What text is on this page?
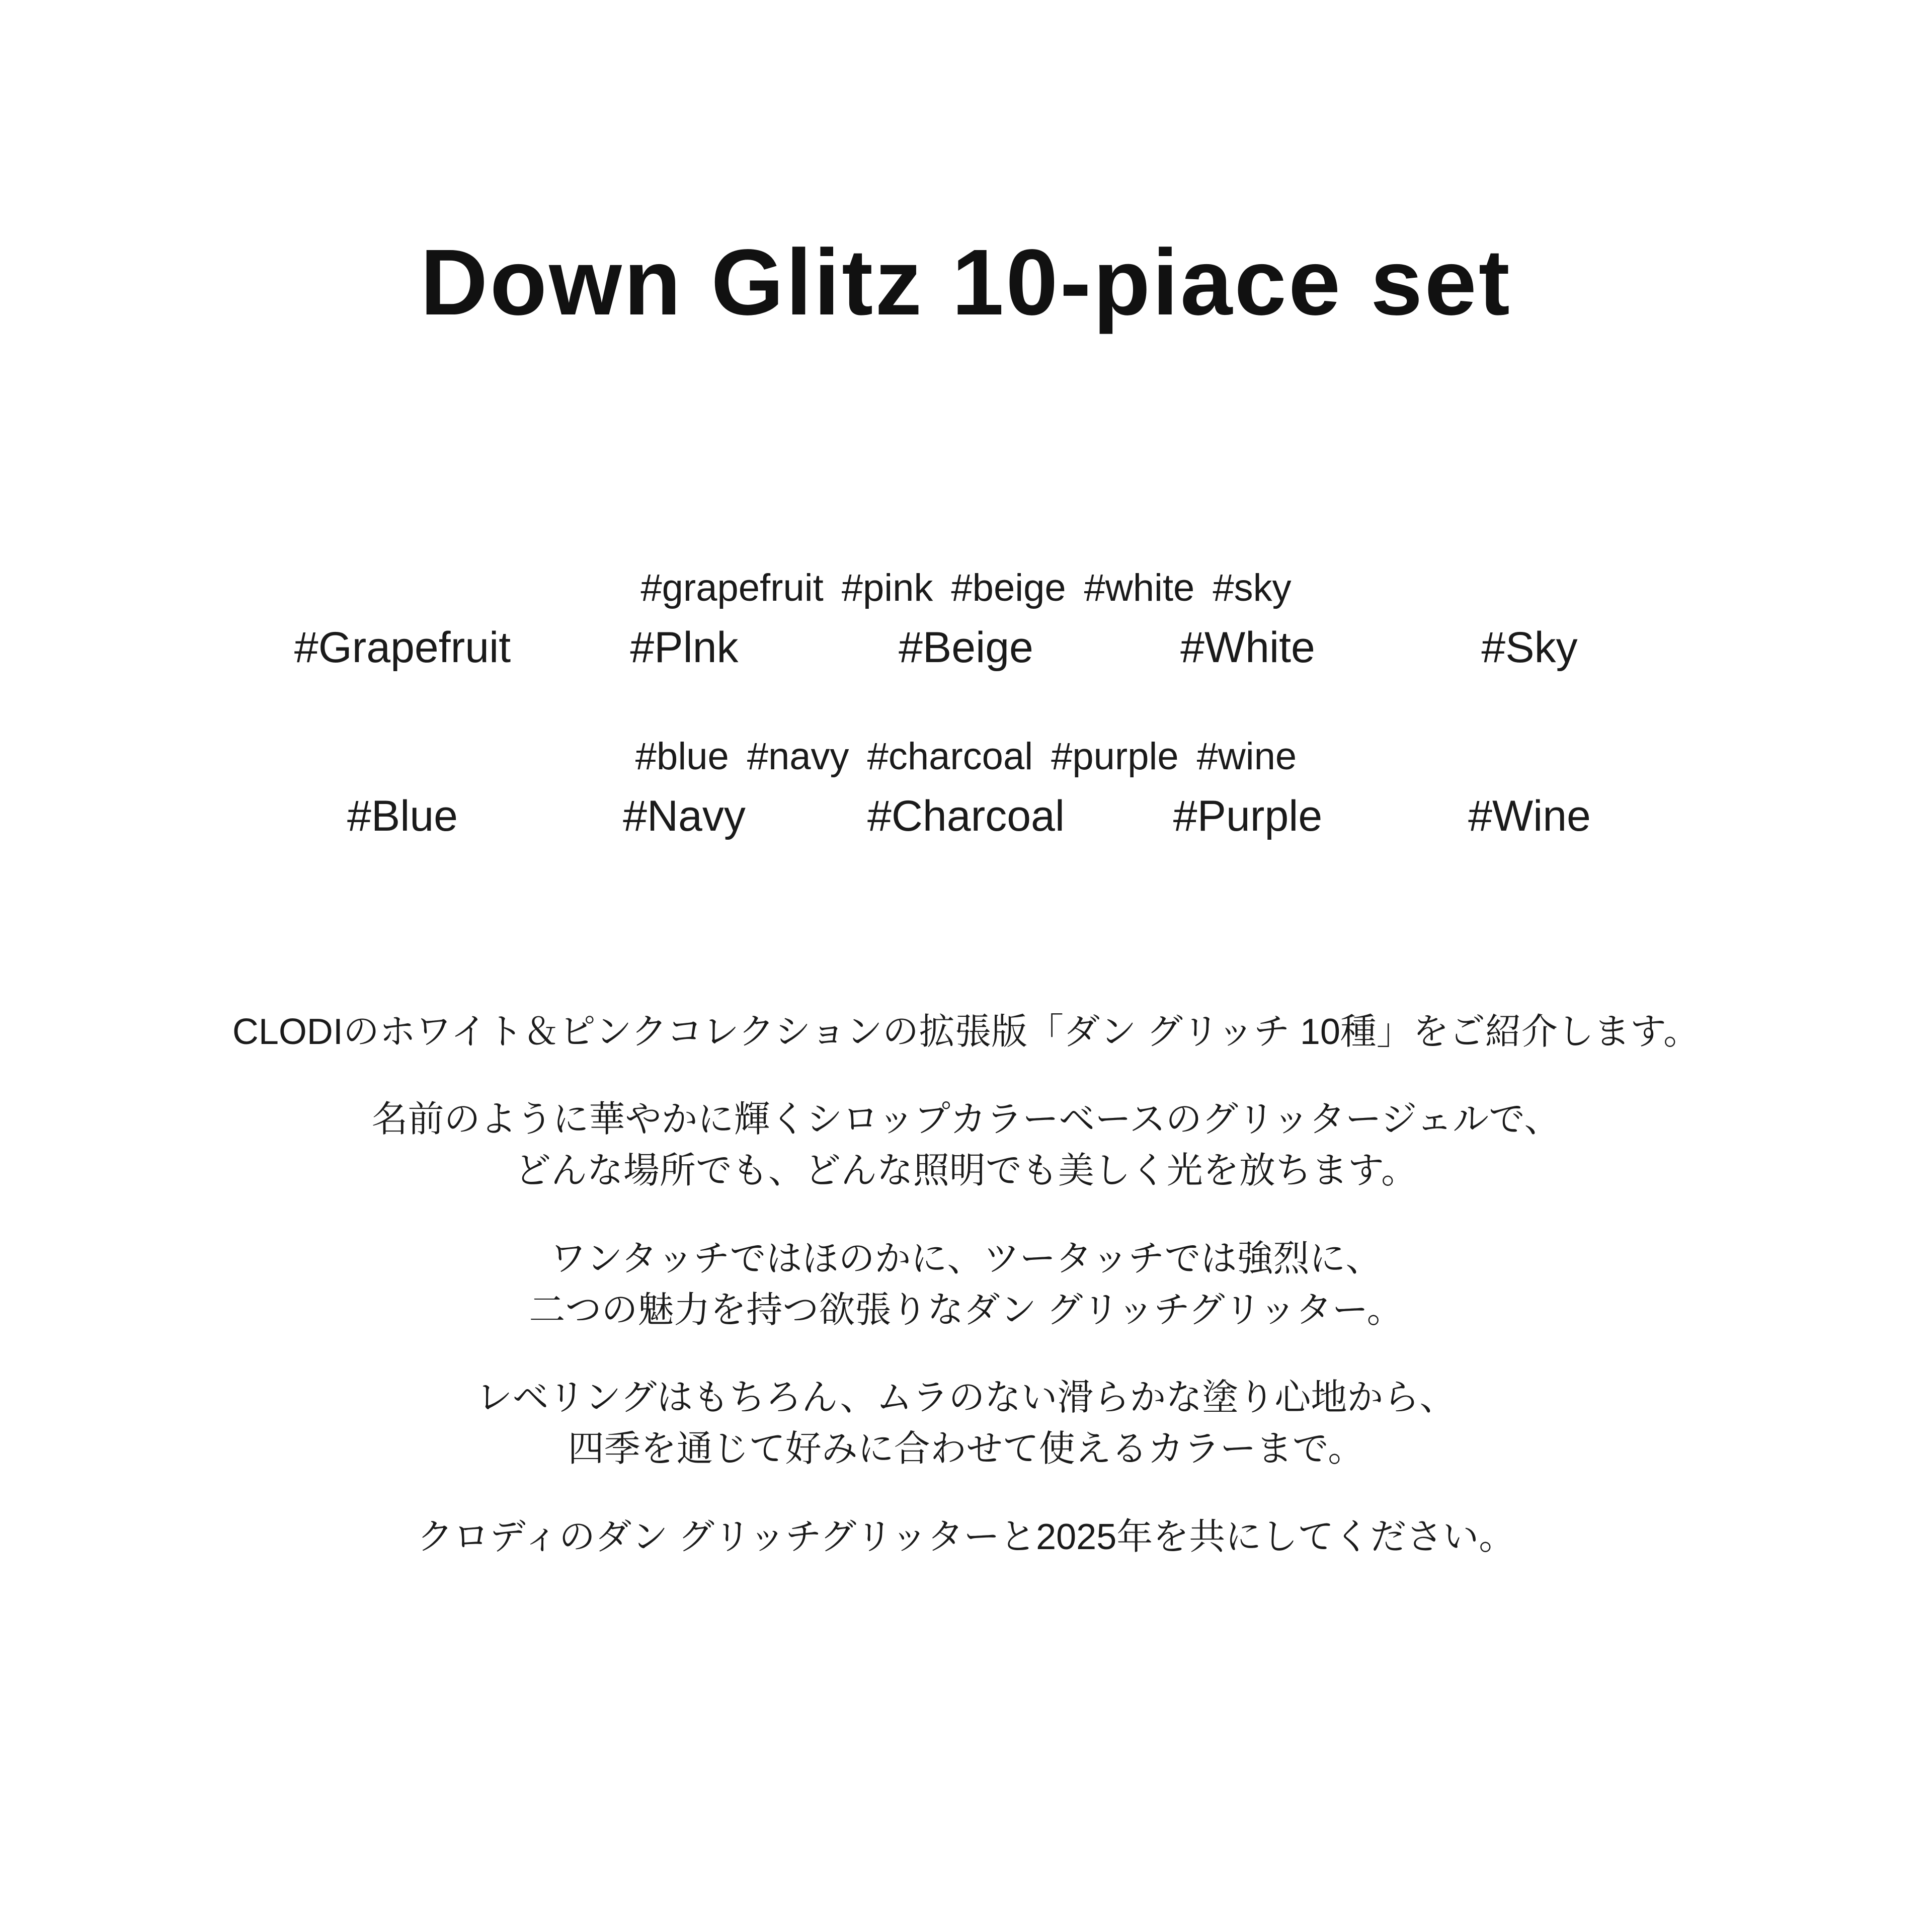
Down Glitz 10-piace set
#grapefruit #pink #beige #white #sky
#Grapefruit	#Plnk	#Beige	#White	#Sky
#blue #navy #charcoal #purple #wine
#Blue	#Navy	#Charcoal	#Purple	#Wine
CLODIのホワイト＆ピンクコレクションの拡張版「ダン グリッチ 10種」をご紹介します。
名前のように華やかに輝くシロップカラーベースのグリッタージェルで、
どんな場所でも、どんな照明でも美しく光を放ちます。
ワンタッチではほのかに、ツータッチでは強烈に、
二つの魅力を持つ欲張りなダン グリッチグリッター。
レベリングはもちろん、ムラのない滑らかな塗り心地から、
四季を通じて好みに合わせて使えるカラーまで。
クロディのダン グリッチグリッターと2025年を共にしてください。
